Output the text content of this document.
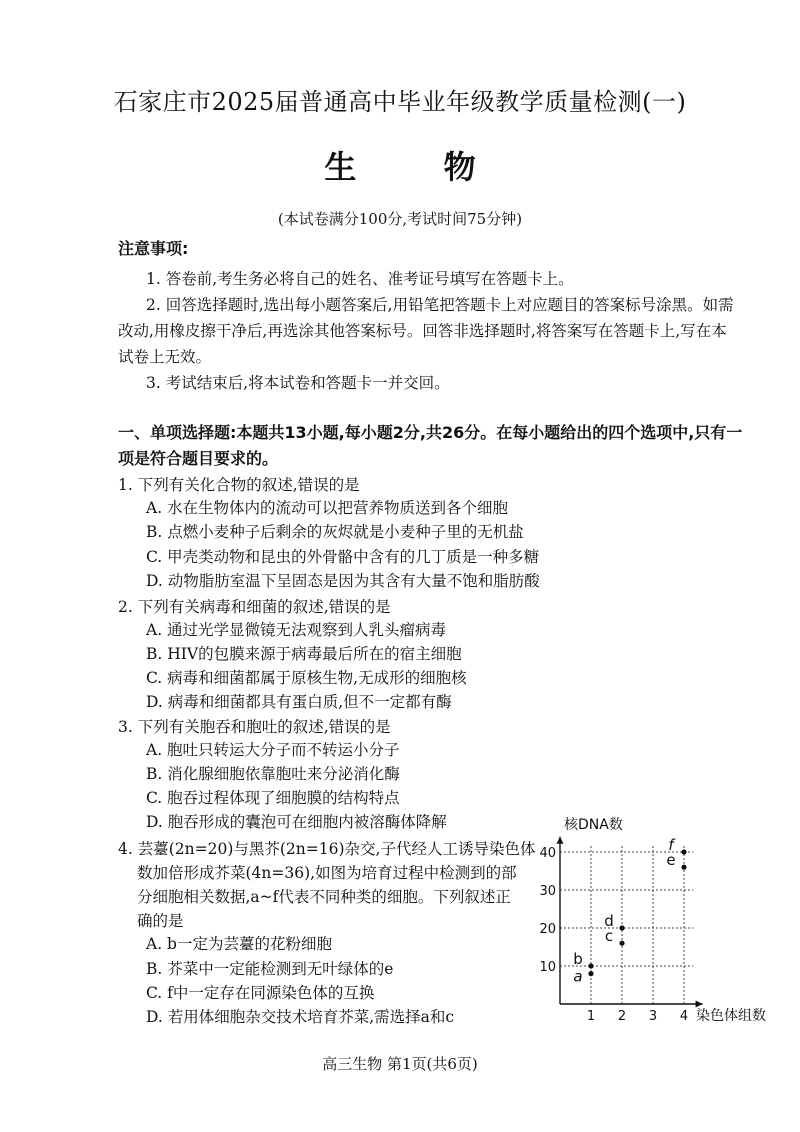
石家庄市2025届普通高中毕业年级教学质量检测(一)
生 物
(本试卷满分100分,考试时间75分钟)
注意事项:
1. 答卷前,考生务必将自己的姓名、准考证号填写在答题卡上。
2. 回答选择题时,选出每小题答案后,用铅笔把答题卡上对应题目的答案标号涂黑。如需
改动,用橡皮擦干净后,再选涂其他答案标号。回答非选择题时,将答案写在答题卡上,写在本
试卷上无效。
3. 考试结束后,将本试卷和答题卡一并交回。
一、单项选择题:本题共13小题,每小题2分,共26分。在每小题给出的四个选项中,只有一
项是符合题目要求的。
1. 下列有关化合物的叙述,错误的是
A. 水在生物体内的流动可以把营养物质送到各个细胞
B. 点燃小麦种子后剩余的灰烬就是小麦种子里的无机盐
C. 甲壳类动物和昆虫的外骨骼中含有的几丁质是一种多糖
D. 动物脂肪室温下呈固态是因为其含有大量不饱和脂肪酸
2. 下列有关病毒和细菌的叙述,错误的是
A. 通过光学显微镜无法观察到人乳头瘤病毒
B. HIV的包膜来源于病毒最后所在的宿主细胞
C. 病毒和细菌都属于原核生物,无成形的细胞核
D. 病毒和细菌都具有蛋白质,但不一定都有酶
3. 下列有关胞吞和胞吐的叙述,错误的是
A. 胞吐只转运大分子而不转运小分子
B. 消化腺细胞依靠胞吐来分泌消化酶
C. 胞吞过程体现了细胞膜的结构特点
D. 胞吞形成的囊泡可在细胞内被溶酶体降解
4. 芸薹(2n=20)与黑芥(2n=16)杂交,子代经人工诱导染色体
数加倍形成芥菜(4n=36),如图为培育过程中检测到的部
分细胞相关数据,a~f代表不同种类的细胞。下列叙述正
确的是
A. b一定为芸薹的花粉细胞
B. 芥菜中一定能检测到无叶绿体的e
C. f中一定存在同源染色体的互换
D. 若用体细胞杂交技术培育芥菜,需选择a和c	1 2 3 4
10
20
30
40
a
b
c
d
e
f
核DNA数
染色体组数
高三生物 第1页(共6页)
